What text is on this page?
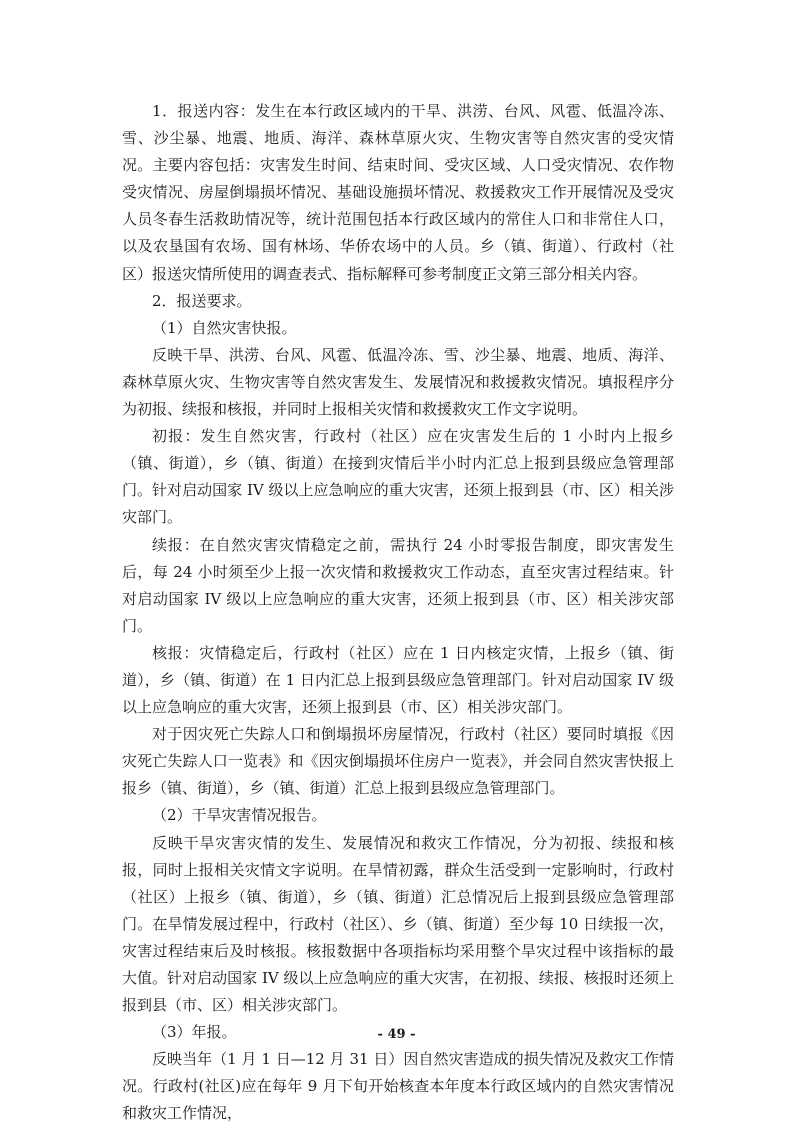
1．报送内容：发生在本行政区域内的干旱、洪涝、台风、风雹、低温冷冻、雪、沙尘暴、地震、地质、海洋、森林草原火灾、生物灾害等自然灾害的受灾情况。主要内容包括：灾害发生时间、结束时间、受灾区域、人口受灾情况、农作物受灾情况、房屋倒塌损坏情况、基础设施损坏情况、救援救灾工作开展情况及受灾人员冬春生活救助情况等，统计范围包括本行政区域内的常住人口和非常住人口，以及农垦国有农场、国有林场、华侨农场中的人员。乡（镇、街道）、行政村（社区）报送灾情所使用的调查表式、指标解释可参考制度正文第三部分相关内容。

2．报送要求。

（1）自然灾害快报。

反映干旱、洪涝、台风、风雹、低温冷冻、雪、沙尘暴、地震、地质、海洋、森林草原火灾、生物灾害等自然灾害发生、发展情况和救援救灾情况。填报程序分为初报、续报和核报，并同时上报相关灾情和救援救灾工作文字说明。

初报：发生自然灾害，行政村（社区）应在灾害发生后的 1 小时内上报乡（镇、街道），乡（镇、街道）在接到灾情后半小时内汇总上报到县级应急管理部门。针对启动国家 IV 级以上应急响应的重大灾害，还须上报到县（市、区）相关涉灾部门。

续报：在自然灾害灾情稳定之前，需执行 24 小时零报告制度，即灾害发生后，每 24 小时须至少上报一次灾情和救援救灾工作动态，直至灾害过程结束。针对启动国家 IV 级以上应急响应的重大灾害，还须上报到县（市、区）相关涉灾部门。

核报：灾情稳定后，行政村（社区）应在 1 日内核定灾情，上报乡（镇、街道），乡（镇、街道）在 1 日内汇总上报到县级应急管理部门。针对启动国家 IV 级以上应急响应的重大灾害，还须上报到县（市、区）相关涉灾部门。

对于因灾死亡失踪人口和倒塌损坏房屋情况，行政村（社区）要同时填报《因灾死亡失踪人口一览表》和《因灾倒塌损坏住房户一览表》，并会同自然灾害快报上报乡（镇、街道），乡（镇、街道）汇总上报到县级应急管理部门。

（2）干旱灾害情况报告。

反映干旱灾害灾情的发生、发展情况和救灾工作情况，分为初报、续报和核报，同时上报相关灾情文字说明。在旱情初露，群众生活受到一定影响时，行政村（社区）上报乡（镇、街道），乡（镇、街道）汇总情况后上报到县级应急管理部门。在旱情发展过程中，行政村（社区）、乡（镇、街道）至少每 10 日续报一次，灾害过程结束后及时核报。核报数据中各项指标均采用整个旱灾过程中该指标的最大值。针对启动国家 IV 级以上应急响应的重大灾害，在初报、续报、核报时还须上报到县（市、区）相关涉灾部门。

（3）年报。

反映当年（1 月 1 日—12 月 31 日）因自然灾害造成的损失情况及救灾工作情况。行政村(社区)应在每年 9 月下旬开始核查本年度本行政区域内的自然灾害情况和救灾工作情况，

- 49 -
